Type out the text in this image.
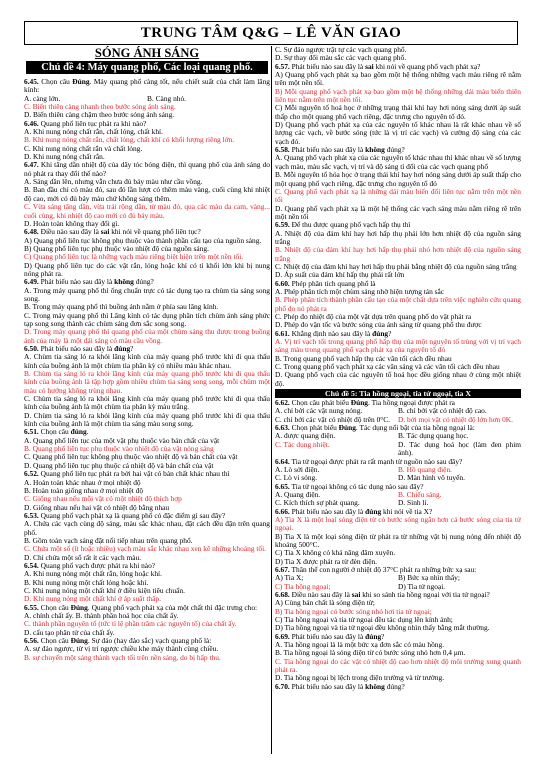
TRUNG TÂM Q&G – LÊ VĂN GIAO
SÓNG ÁNH SÁNG
Chủ đề 4: Máy quang phổ, Các loại quang phổ.
6.45. Chọn câu Đúng. Máy quang phổ càng tốt, nếu chiết suất của chất làm lăng kính:
A. càng lớn.	B. Càng nhỏ.
C. Biến thiên càng nhanh theo bước sóng ánh sáng.
D. Biến thiên càng chậm theo bước sóng ánh sáng.
6.46. Quang phổ liên tục phát ra khi nào?
A. Khi nung nóng chất rắn, chất lỏng, chất khí.
B. Khi nung nóng chất rắn, chất lỏng, chất khí có khối lượng riêng lớn.
C. Khi nung nóng chất rắn và chất lỏng.
D. Khi nung nóng chất rắn.
6.47. Khi tăng dần nhiệt độ của dây tóc bóng điện, thì quang phổ của ánh sáng do nó phát ra thay đổi thế nào?
A. Sáng dần lên, nhưng vẫn chưa đủ bảy màu như cầu vồng.
B. Ban đầu chỉ có màu đỏ, sau đó lần lượt có thêm màu vàng, cuối cùng khi nhiệt độ cao, mới có đủ bảy màu chứ không sáng thêm.
C. Vừa sáng tăng dần, vừa trải rộng dần, từ màu đỏ, qua các màu da cam, vàng... cuối cùng, khi nhiệt độ cao mới có đủ bảy màu.
D. Hoàn toàn không thay đổi gì.
6.48. Điều nào sau đây là sai khi nói về quang phổ liên tục?
A) Quang phổ liên tục không phụ thuộc vào thành phần cấu tạo của nguồn sáng.
B) Quang phổ liên tục phụ thuộc vào nhiệt độ của nguồn sáng.
C) Quang phổ liên tục là những vạch màu riêng biệt hiện trên một nền tối.
D) Quang phổ liên tục do các vật rắn, lỏng hoặc khí có tỉ khối lớn khi bị nung nóng phát ra.
6.49. Phát biểu nào sau đây là không đúng?
A. Trong máy quang phổ thì ống chuẩn trực có tác dụng tạo ra chùm tia sáng song song.
B. Trong máy quang phổ thì buồng ảnh nằm ở phía sau lăng kính.
C. Trong máy quang phổ thì Lăng kính có tác dụng phân tích chùm ánh sáng phức tạp song song thành các chùm sáng đơn sắc song song.
D. Trong máy quang phổ thì quang phổ của một chùm sáng thu được trong buồng ảnh của máy là một dải sáng có màu cầu vồng.
6.50. Phát biểu nào sau đây là đúng?
A. Chùm tia sáng ló ra khỏi lăng kính của máy quang phổ trước khi đi qua thấu kính của buồng ảnh là một chùm tia phân kỳ có nhiều màu khác nhau.
B. Chùm tia sáng ló ra khỏi lăng kính của máy quang phổ trước khi đi qua thấu kính của buồng ảnh là tập hợp gồm nhiều chùm tia sáng song song, mỗi chùm một màu có hướng không trùng nhau.
C. Chùm tia sáng ló ra khỏi lăng kính của máy quang phổ trước khi đi qua thấu kính của buồng ảnh là một chùm tia phân kỳ màu trắng.
D. Chùm tia sáng ló ra khỏi lăng kính của máy quang phổ trước khi đi qua thấu kính của buồng ảnh là một chùm tia sáng màu song song.
6.51. Chọn câu đúng.
A. Quang phổ liên tục của một vật phụ thuộc vào bản chất của vật
B. Quang phổ liên tục phụ thuộc vào nhiệt độ của vật nóng sáng
C. Quang phổ liên tục không phụ thuộc vào nhiệt độ và bản chất của vật
D. Quang phổ liên tục phụ thuộc cả nhiệt độ và bản chất của vật
6.52. Quang phổ liên tục phát ra bởi hai vật có bản chất khác nhau thì
A. Hoàn toàn khác nhau ở mọi nhiệt độ
B. Hoàn toàn giống nhau ở mọi nhiệt độ
C. Giống nhau nếu mỗi vật có một nhiệt độ thích hợp
D. Giống nhau nếu hai vật có nhiệt độ bằng nhau
6.53. Quang phổ vạch phát xạ là quang phổ có đặc điểm gì sau đây?
A. Chứa các vạch cùng độ sáng, màu sắc khác nhau, đặt cách đều đặn trên quang phổ.
B. Gồm toàn vạch sáng đặt nối tiếp nhau trên quang phổ.
C. Chứa một số (ít hoặc nhiều) vạch màu sắc khác nhau xen kẽ những khoảng tối.
D. Chỉ chứa một số rất ít các vạch màu.
6.54. Quang phổ vạch được phát ra khi nào?
A. Khi nung nóng một chất rắn, lỏng hoặc khí.
B. Khi nung nóng một chất lỏng hoặc khí.
C. Khi nung nóng một chất khí ở điều kiện tiêu chuẩn.
D. Khi nung nóng một chất khí ở áp suất thấp.
6.55. Chọn câu Đúng. Quang phổ vạch phát xạ của một chất thì đặc trưng cho:
A. chính chất ấy. B. thành phần hoá học của chất ấy.
C. thành phần nguyên tố (tức tỉ lệ phần trăm các nguyên tố) của chất ấy.
D. cấu tạo phân tử của chất ấy.
6.56. Chọn câu Đúng. Sự đảo (hay đảo sắc) vạch quang phổ là:
A. sự đảo ngược, từ vị trí ngược chiều khe máy thành cùng chiều.
B. sự chuyển một sáng thành vạch tối trên nền sáng, do bị hấp thu.
C. Sự đảo ngược trật tự các vạch quang phổ.
D. Sự thay đổi màu sắc các vạch quang phổ.
6.57. Phát biểu nào sau đây là sai khi nói về quang phổ vạch phát xạ?
A) Quang phổ vạch phát xạ bao gồm một hệ thống những vạch màu riêng rẽ nằm trên một nền tối.
B) Mỗi quang phổ vạch phát xạ bao gồm một hệ thống những dải màu biến thiên liên tục nằm trên một nền tối.
C) Mỗi nguyên tố hoá học ở những trạng thái khí hay hơi nóng sáng dưới áp suất thấp cho một quang phổ vạch riêng, đặc trưng cho nguyên tố đó.
D) Quang phổ vạch phát xạ của các nguyên tố khác nhau là rất khác nhau về số lượng các vạch, về bước sóng (tức là vị trí các vạch) và cường độ sáng của các vạch đó.
6.58. Phát biểu nào sau đây là không đúng?
A. Quang phổ vạch phát xạ của các nguyên tố khác nhau thì khác nhau về số lượng vạch màu, màu sắc vạch, vị trí và độ sáng tỉ đối của các vạch quang phổ
B. Mỗi nguyên tố hóa học ở trạng thái khí hay hơi nóng sáng dưới áp suất thấp cho một quang phổ vạch riêng, đặc trưng cho nguyên tố đó
C. Quang phổ vạch phát xạ là những dải màu biến đổi liên tục nằm trên một nền tối
D. Quang phổ vạch phát xạ là một hệ thống các vạch sáng màu nằm riêng rẽ trên một nền tối
6.59. Để thu được quang phổ vạch hấp thụ thì
A. Nhiệt độ của đám khí hay hơi hấp thụ phải lớn hơn nhiệt độ của nguồn sáng trắng
B. Nhiệt độ của đám khí hay hơi hấp thụ phải nhỏ hơn nhiệt độ của nguồn sáng trắng
C. Nhiệt độ của đám khí hay hơi hấp thụ phải bằng nhiệt độ của nguồn sáng trắng
D. Áp suất của đám khí hấp thụ phải rất lớn
6.60. Phép phân tích quang phổ là
A. Phép phân tích một chùm sáng nhờ hiện tượng tán sắc
B. Phép phân tích thành phần cấu tạo của một chất dựa trên việc nghiên cứu quang phổ do nó phát ra
C. Phép đo nhiệt độ của một vật dựa trên quang phổ do vật phát ra
D. Phép đo vận tốc và bước sóng của ánh sáng từ quang phổ thu được
6.61. Khẳng định nào sau đây là đúng?
A. Vị trí vạch tối trong quang phổ hấp thụ của một nguyên tố trùng với vị trí vạch sáng màu trong quang phổ vạch phát xạ của nguyên tố đó
B. Trong quang phổ vạch hấp thụ các vân tối cách đều nhau
C. Trong quang phổ vạch phát xạ các vân sáng và các vân tối cách đều nhau
D. Quang phổ vạch của các nguyên tố hoá học đều giống nhau ở cùng một nhiệt độ.
Chủ đề 5: Tia hồng ngoại, tia tử ngoại, tia X
6.62. Chọn câu phát biểu Đúng. Tia hồng ngoại được phát ra
A. chỉ bởi các vật nung nóng.	B. chỉ bởi vật có nhiệt độ cao.
C. chỉ bởi các vật có nhiệt độ trên 0°C.	D. bởi mọi vật có nhiệt độ lớn hơn 0K.
6.63. Chọn phát biểu Đúng. Tác dụng nổi bật của tia hồng ngoại là:
A. được quang điện.	B. Tác dụng quang học.
C. Tác dụng nhiệt.	D. Tác dụng hoá học (làm đen phim ảnh).
6.64. Tia tử ngoại được phát ra rất mạnh từ nguồn nào sau đây?
A. Lò sởi điện.	B. Hồ quang điện.
C. Lò vi sóng.	D. Màn hình vô tuyến.
6.65. Tia tử ngoại không có tác dụng nào sau đây?
A. Quang điện.	B. Chiếu sáng.
C. Kích thích sự phát quang.	D. Sinh lí.
6.66. Phát biểu nào sau đây là đúng khi nói về tia X?
A) Tia X là một loại sóng điện từ có bước sóng ngắn hơn cả bước sóng của tia tử ngoại.
B) Tia X là một loại sóng điện từ phát ra từ những vật bị nung nóng đến nhiệt độ khoảng 500°C.
C) Tia X không có khả năng đâm xuyên.
D) Tia X được phát ra từ đèn điện.
6.67. Thân thể con người ở nhiệt độ 37°C phát ra những bức xạ sau:
A) Tia X;	B) Bức xạ nhìn thấy;
C) Tia hồng ngoại;	D) Tia tử ngoại.
6.68. Điều nào sau đây là sai khi so sánh tia hồng ngoại với tia tử ngoại?
A) Cùng bản chất là sóng điện từ;
B) Tia hồng ngoại có bước sóng nhỏ hơi tia tử ngoại;
C) Tia hồng ngoại và tia tử ngoại đều tác dụng lên kính ảnh;
D) Tia hồng ngoại và tia tử ngoại đều không nhìn thấy bằng mắt thường.
6.69. Phát biểu nào sau đây là đúng?
A. Tia hồng ngoại là là một bức xạ đơn sắc có màu hồng.
B. Tia hồng ngoại là sóng điện từ có bước sóng nhỏ hơn 0,4 μm.
C. Tia hồng ngoại do các vật có nhiệt độ cao hơn nhiệt độ môi trường xung quanh phát ra.
D. Tia hồng ngoại bị lệch trong điện trường và từ trường.
6.70. Phát biểu nào sau đây là không đúng?
